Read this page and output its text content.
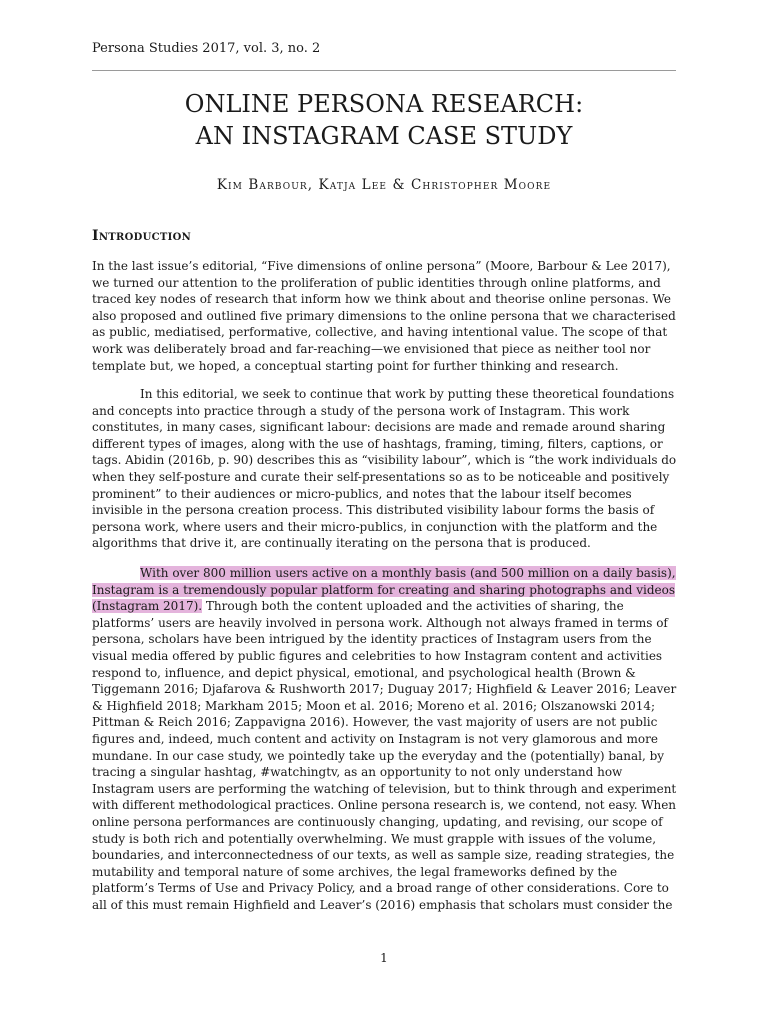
Persona Studies 2017, vol. 3, no. 2
ONLINE PERSONA RESEARCH:
AN INSTAGRAM CASE STUDY
Kim Barbour, Katja Lee & Christopher Moore
Introduction
In the last issue’s editorial, “Five dimensions of online persona” (Moore, Barbour & Lee 2017),
we turned our attention to the proliferation of public identities through online platforms, and
traced key nodes of research that inform how we think about and theorise online personas. We
also proposed and outlined five primary dimensions to the online persona that we characterised
as public, mediatised, performative, collective, and having intentional value. The scope of that
work was deliberately broad and far-reaching—we envisioned that piece as neither tool nor
template but, we hoped, a conceptual starting point for further thinking and research.
In this editorial, we seek to continue that work by putting these theoretical foundations
and concepts into practice through a study of the persona work of Instagram. This work
constitutes, in many cases, significant labour: decisions are made and remade around sharing
different types of images, along with the use of hashtags, framing, timing, filters, captions, or
tags. Abidin (2016b, p. 90) describes this as “visibility labour”, which is “the work individuals do
when they self-posture and curate their self-presentations so as to be noticeable and positively
prominent” to their audiences or micro-publics, and notes that the labour itself becomes
invisible in the persona creation process. This distributed visibility labour forms the basis of
persona work, where users and their micro-publics, in conjunction with the platform and the
algorithms that drive it, are continually iterating on the persona that is produced.
With over 800 million users active on a monthly basis (and 500 million on a daily basis),
Instagram is a tremendously popular platform for creating and sharing photographs and videos
(Instagram 2017). Through both the content uploaded and the activities of sharing, the
platforms’ users are heavily involved in persona work. Although not always framed in terms of
persona, scholars have been intrigued by the identity practices of Instagram users from the
visual media offered by public figures and celebrities to how Instagram content and activities
respond to, influence, and depict physical, emotional, and psychological health (Brown &
Tiggemann 2016; Djafarova & Rushworth 2017; Duguay 2017; Highfield & Leaver 2016; Leaver
& Highfield 2018; Markham 2015; Moon et al. 2016; Moreno et al. 2016; Olszanowski 2014;
Pittman & Reich 2016; Zappavigna 2016). However, the vast majority of users are not public
figures and, indeed, much content and activity on Instagram is not very glamorous and more
mundane. In our case study, we pointedly take up the everyday and the (potentially) banal, by
tracing a singular hashtag, #watchingtv, as an opportunity to not only understand how
Instagram users are performing the watching of television, but to think through and experiment
with different methodological practices. Online persona research is, we contend, not easy. When
online persona performances are continuously changing, updating, and revising, our scope of
study is both rich and potentially overwhelming. We must grapple with issues of the volume,
boundaries, and interconnectedness of our texts, as well as sample size, reading strategies, the
mutability and temporal nature of some archives, the legal frameworks defined by the
platform’s Terms of Use and Privacy Policy, and a broad range of other considerations. Core to
all of this must remain Highfield and Leaver’s (2016) emphasis that scholars must consider the
1
